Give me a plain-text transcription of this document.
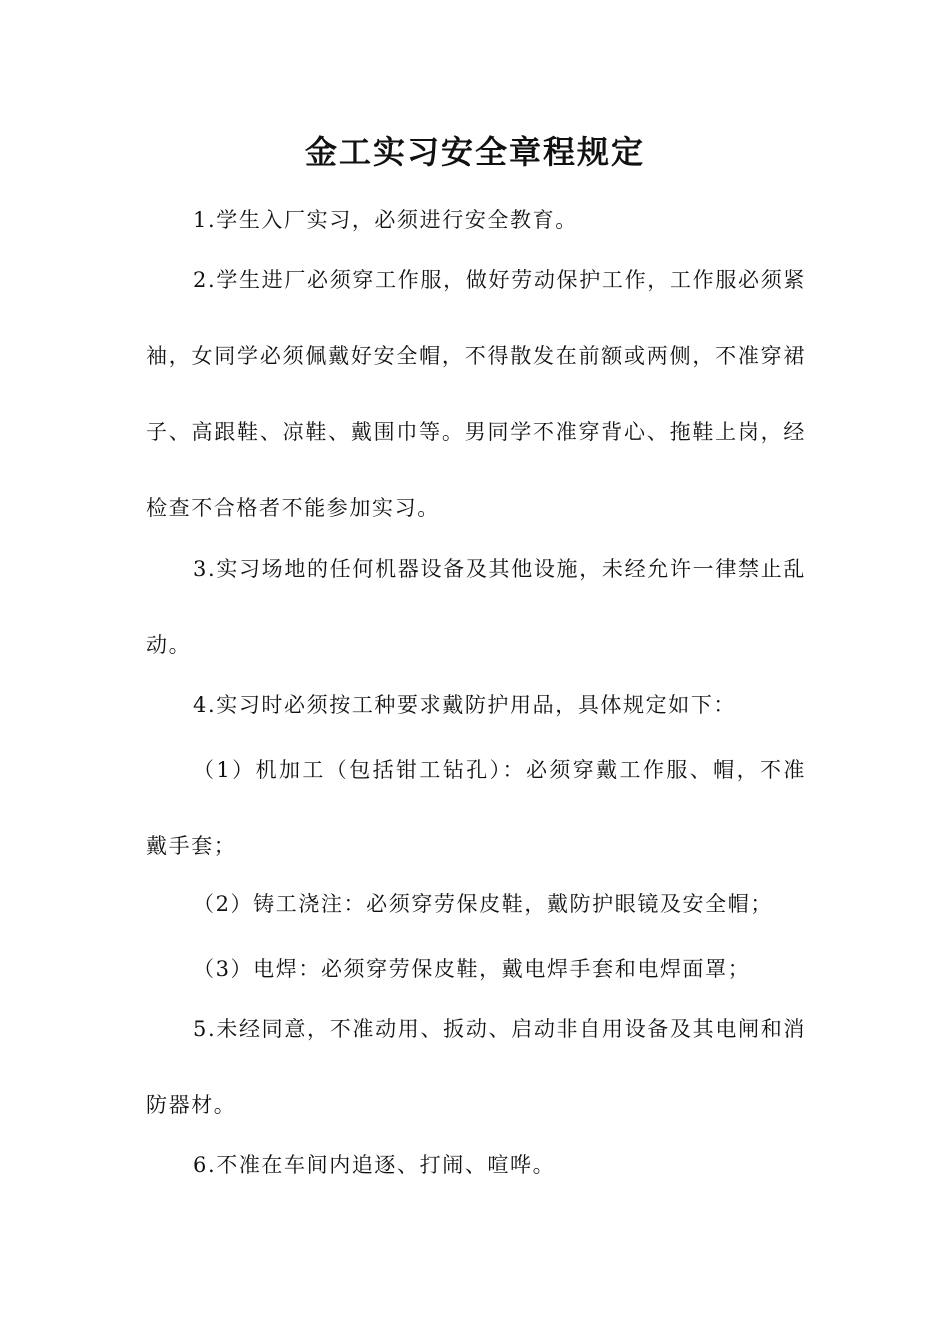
金工实习安全章程规定

1.学生入厂实习，必须进行安全教育。

2.学生进厂必须穿工作服，做好劳动保护工作，工作服必须紧袖，女同学必须佩戴好安全帽，不得散发在前额或两侧，不准穿裙子、高跟鞋、凉鞋、戴围巾等。男同学不准穿背心、拖鞋上岗，经检查不合格者不能参加实习。

3.实习场地的任何机器设备及其他设施，未经允许一律禁止乱动。

4.实习时必须按工种要求戴防护用品，具体规定如下：

（1）机加工（包括钳工钻孔）：必须穿戴工作服、帽，不准戴手套；

（2）铸工浇注：必须穿劳保皮鞋，戴防护眼镜及安全帽；

（3）电焊：必须穿劳保皮鞋，戴电焊手套和电焊面罩；

5.未经同意，不准动用、扳动、启动非自用设备及其电闸和消防器材。

6.不准在车间内追逐、打闹、喧哗。
